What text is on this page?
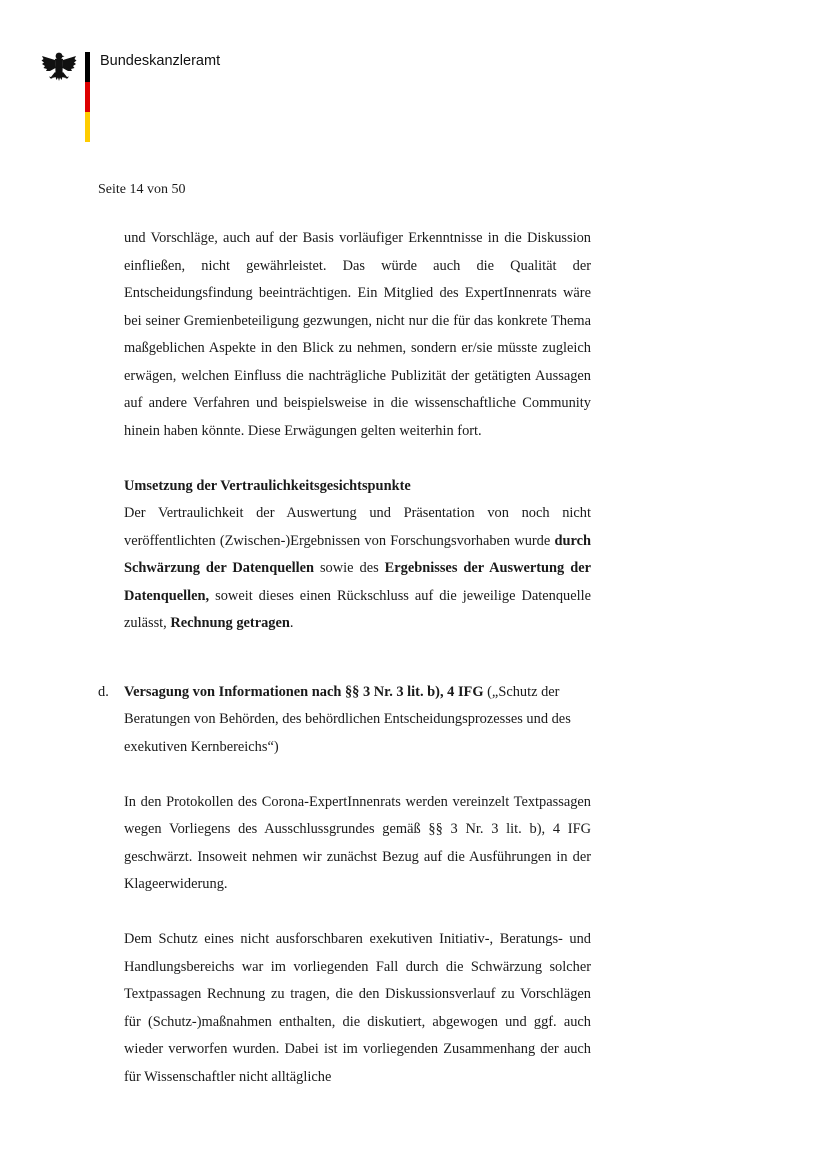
Bundeskanzleramt
Seite 14 von 50

und Vorschläge, auch auf der Basis vorläufiger Erkenntnisse in die Diskussion einfließen, nicht gewährleistet. Das würde auch die Qualität der Entscheidungsfindung beeinträchtigen. Ein Mitglied des ExpertInnenrats wäre bei seiner Gremienbeteiligung gezwungen, nicht nur die für das konkrete Thema maßgeblichen Aspekte in den Blick zu nehmen, sondern er/sie müsste zugleich erwägen, welchen Einfluss die nachträgliche Publizität der getätigten Aussagen auf andere Verfahren und beispielsweise in die wissenschaftliche Community hinein haben könnte. Diese Erwägungen gelten weiterhin fort.

Umsetzung der Vertraulichkeitsgesichtspunkte

Der Vertraulichkeit der Auswertung und Präsentation von noch nicht veröffentlichten (Zwischen-)Ergebnissen von Forschungsvorhaben wurde durch Schwärzung der Datenquellen sowie des Ergebnisses der Auswertung der Datenquellen, soweit dieses einen Rückschluss auf die jeweilige Datenquelle zulässt, Rechnung getragen.

d. Versagung von Informationen nach §§ 3 Nr. 3 lit. b), 4 IFG („Schutz der Beratungen von Behörden, des behördlichen Entscheidungsprozesses und des exekutiven Kernbereichs“)

In den Protokollen des Corona-ExpertInnenrats werden vereinzelt Textpassagen wegen Vorliegens des Ausschlussgrundes gemäß §§ 3 Nr. 3 lit. b), 4 IFG geschwärzt. Insoweit nehmen wir zunächst Bezug auf die Ausführungen in der Klageerwiderung.

Dem Schutz eines nicht ausforschbaren exekutiven Initiativ-, Beratungs- und Handlungsbereichs war im vorliegenden Fall durch die Schwärzung solcher Textpassagen Rechnung zu tragen, die den Diskussionsverlauf zu Vorschlägen für (Schutz-)maßnahmen enthalten, die diskutiert, abgewogen und ggf. auch wieder verworfen wurden. Dabei ist im vorliegenden Zusammenhang der auch für Wissenschaftler nicht alltägliche
